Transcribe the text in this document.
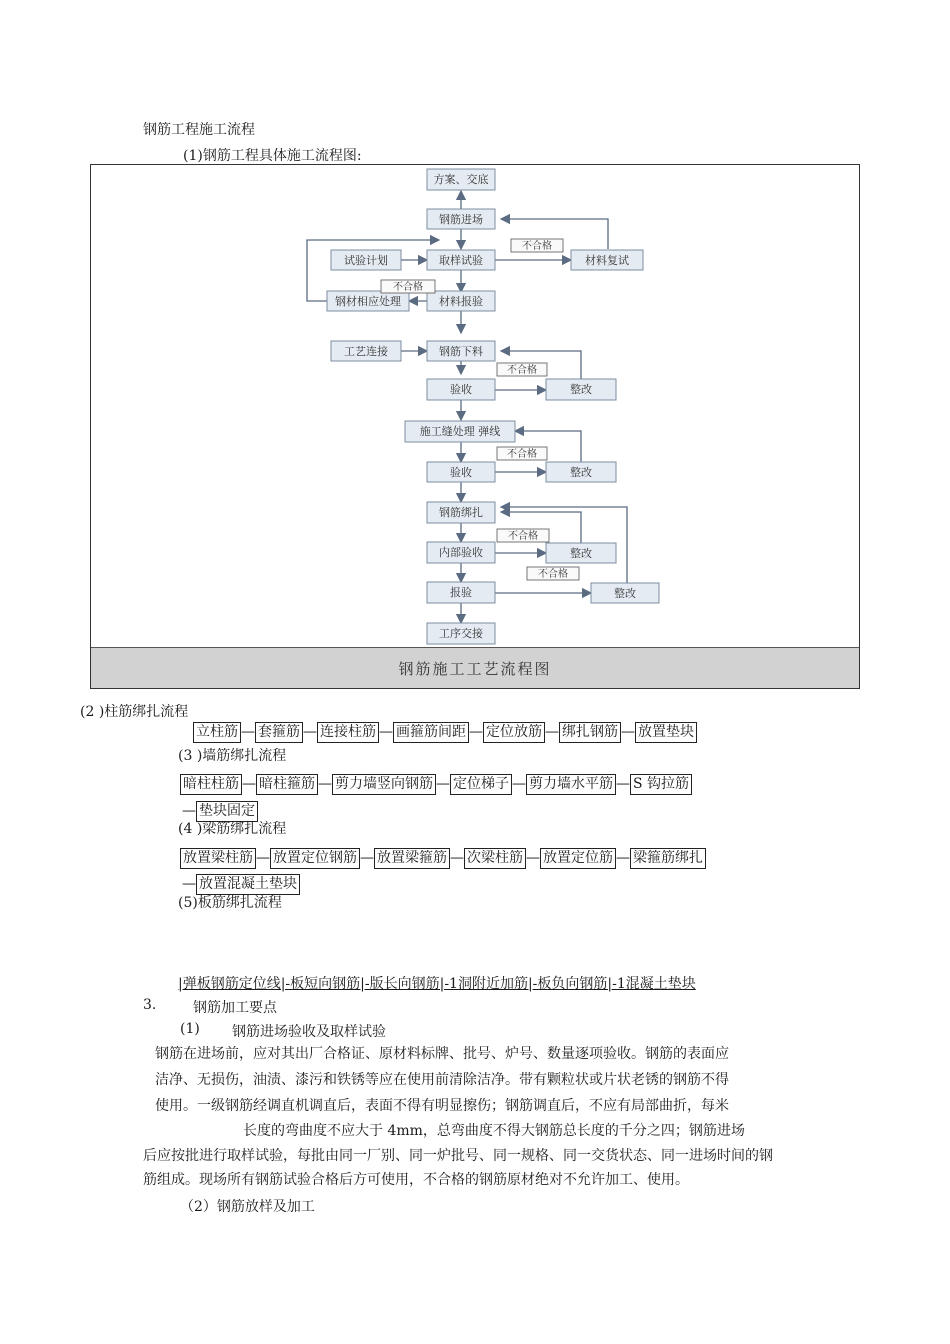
钢筋工程施工流程
(1)钢筋工程具体施工流程图:
方案、交底
钢筋进场
试验计划	取样试验	材料复试
钢材相应处理	材料报验
工艺连接	钢筋下料
验收	整改
施工缝处理 弹线
验收	整改
钢筋绑扎
内部验收	整改
报验	整改
工序交接
不合格
不合格
不合格
不合格
不合格
不合格
钢筋施工工艺流程图
(2 )柱筋绑扎流程
立柱筋 — 套箍筋 — 连接柱筋 — 画箍筋间距 — 定位放筋 — 绑扎钢筋 — 放置垫块
(3 )墙筋绑扎流程
暗柱柱筋 — 暗柱箍筋 — 剪力墙竖向钢筋 — 定位梯子 — 剪力墙水平筋 — S 钩拉筋
— 垫块固定
(4 )梁筋绑扎流程
放置梁柱筋 — 放置定位钢筋 — 放置梁箍筋 — 次梁柱筋 — 放置定位筋 — 梁箍筋绑扎
— 放置混凝土垫块
(5)板筋绑扎流程
|弹板钢筋定位线|-板短向钢筋|-版长向钢筋|-1洞附近加筋|-板负向钢筋|-1混凝土垫块
3.	钢筋加工要点
(1) 钢筋进场验收及取样试验
钢筋在进场前，应对其出厂合格证、原材料标牌、批号、炉号、数量逐项验收。钢筋的表面应
洁净、无损伤，油渍、漆污和铁锈等应在使用前清除洁净。带有颗粒状或片状老锈的钢筋不得
使用。一级钢筋经调直机调直后，表面不得有明显擦伤；钢筋调直后，不应有局部曲折，每米
长度的弯曲度不应大于 4mm，总弯曲度不得大钢筋总长度的千分之四；钢筋进场
后应按批进行取样试验，每批由同一厂别、同一炉批号、同一规格、同一交货状态、同一进场时间的钢
筋组成。现场所有钢筋试验合格后方可使用，不合格的钢筋原材绝对不允许加工、使用。
（2）钢筋放样及加工
